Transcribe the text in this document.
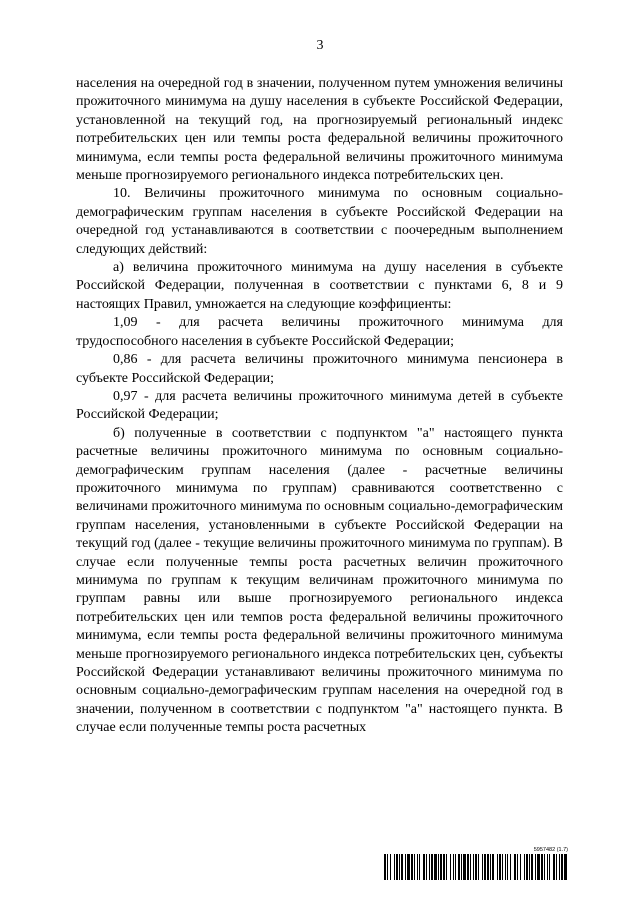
3

населения на очередной год в значении, полученном путем умножения величины прожиточного минимума на душу населения в субъекте Российской Федерации, установленной на текущий год, на прогнозируемый региональный индекс потребительских цен или темпы роста федеральной величины прожиточного минимума, если темпы роста федеральной величины прожиточного минимума меньше прогнозируемого регионального индекса потребительских цен.

10. Величины прожиточного минимума по основным социально-демографическим группам населения в субъекте Российской Федерации на очередной год устанавливаются в соответствии с поочередным выполнением следующих действий:

а) величина прожиточного минимума на душу населения в субъекте Российской Федерации, полученная в соответствии с пунктами 6, 8 и 9 настоящих Правил, умножается на следующие коэффициенты:

1,09 - для расчета величины прожиточного минимума для трудоспособного населения в субъекте Российской Федерации;

0,86 - для расчета величины прожиточного минимума пенсионера в субъекте Российской Федерации;

0,97 - для расчета величины прожиточного минимума детей в субъекте Российской Федерации;

б) полученные в соответствии с подпунктом "а" настоящего пункта расчетные величины прожиточного минимума по основным социально-демографическим группам населения (далее - расчетные величины прожиточного минимума по группам) сравниваются соответственно с величинами прожиточного минимума по основным социально-демографическим группам населения, установленными в субъекте Российской Федерации на текущий год (далее - текущие величины прожиточного минимума по группам). В случае если полученные темпы роста расчетных величин прожиточного минимума по группам к текущим величинам прожиточного минимума по группам равны или выше прогнозируемого регионального индекса потребительских цен или темпов роста федеральной величины прожиточного минимума, если темпы роста федеральной величины прожиточного минимума меньше прогнозируемого регионального индекса потребительских цен, субъекты Российской Федерации устанавливают величины прожиточного минимума по основным социально-демографическим группам населения на очередной год в значении, полученном в соответствии с подпунктом "а" настоящего пункта. В случае если полученные темпы роста расчетных

5957482 (1.7)
